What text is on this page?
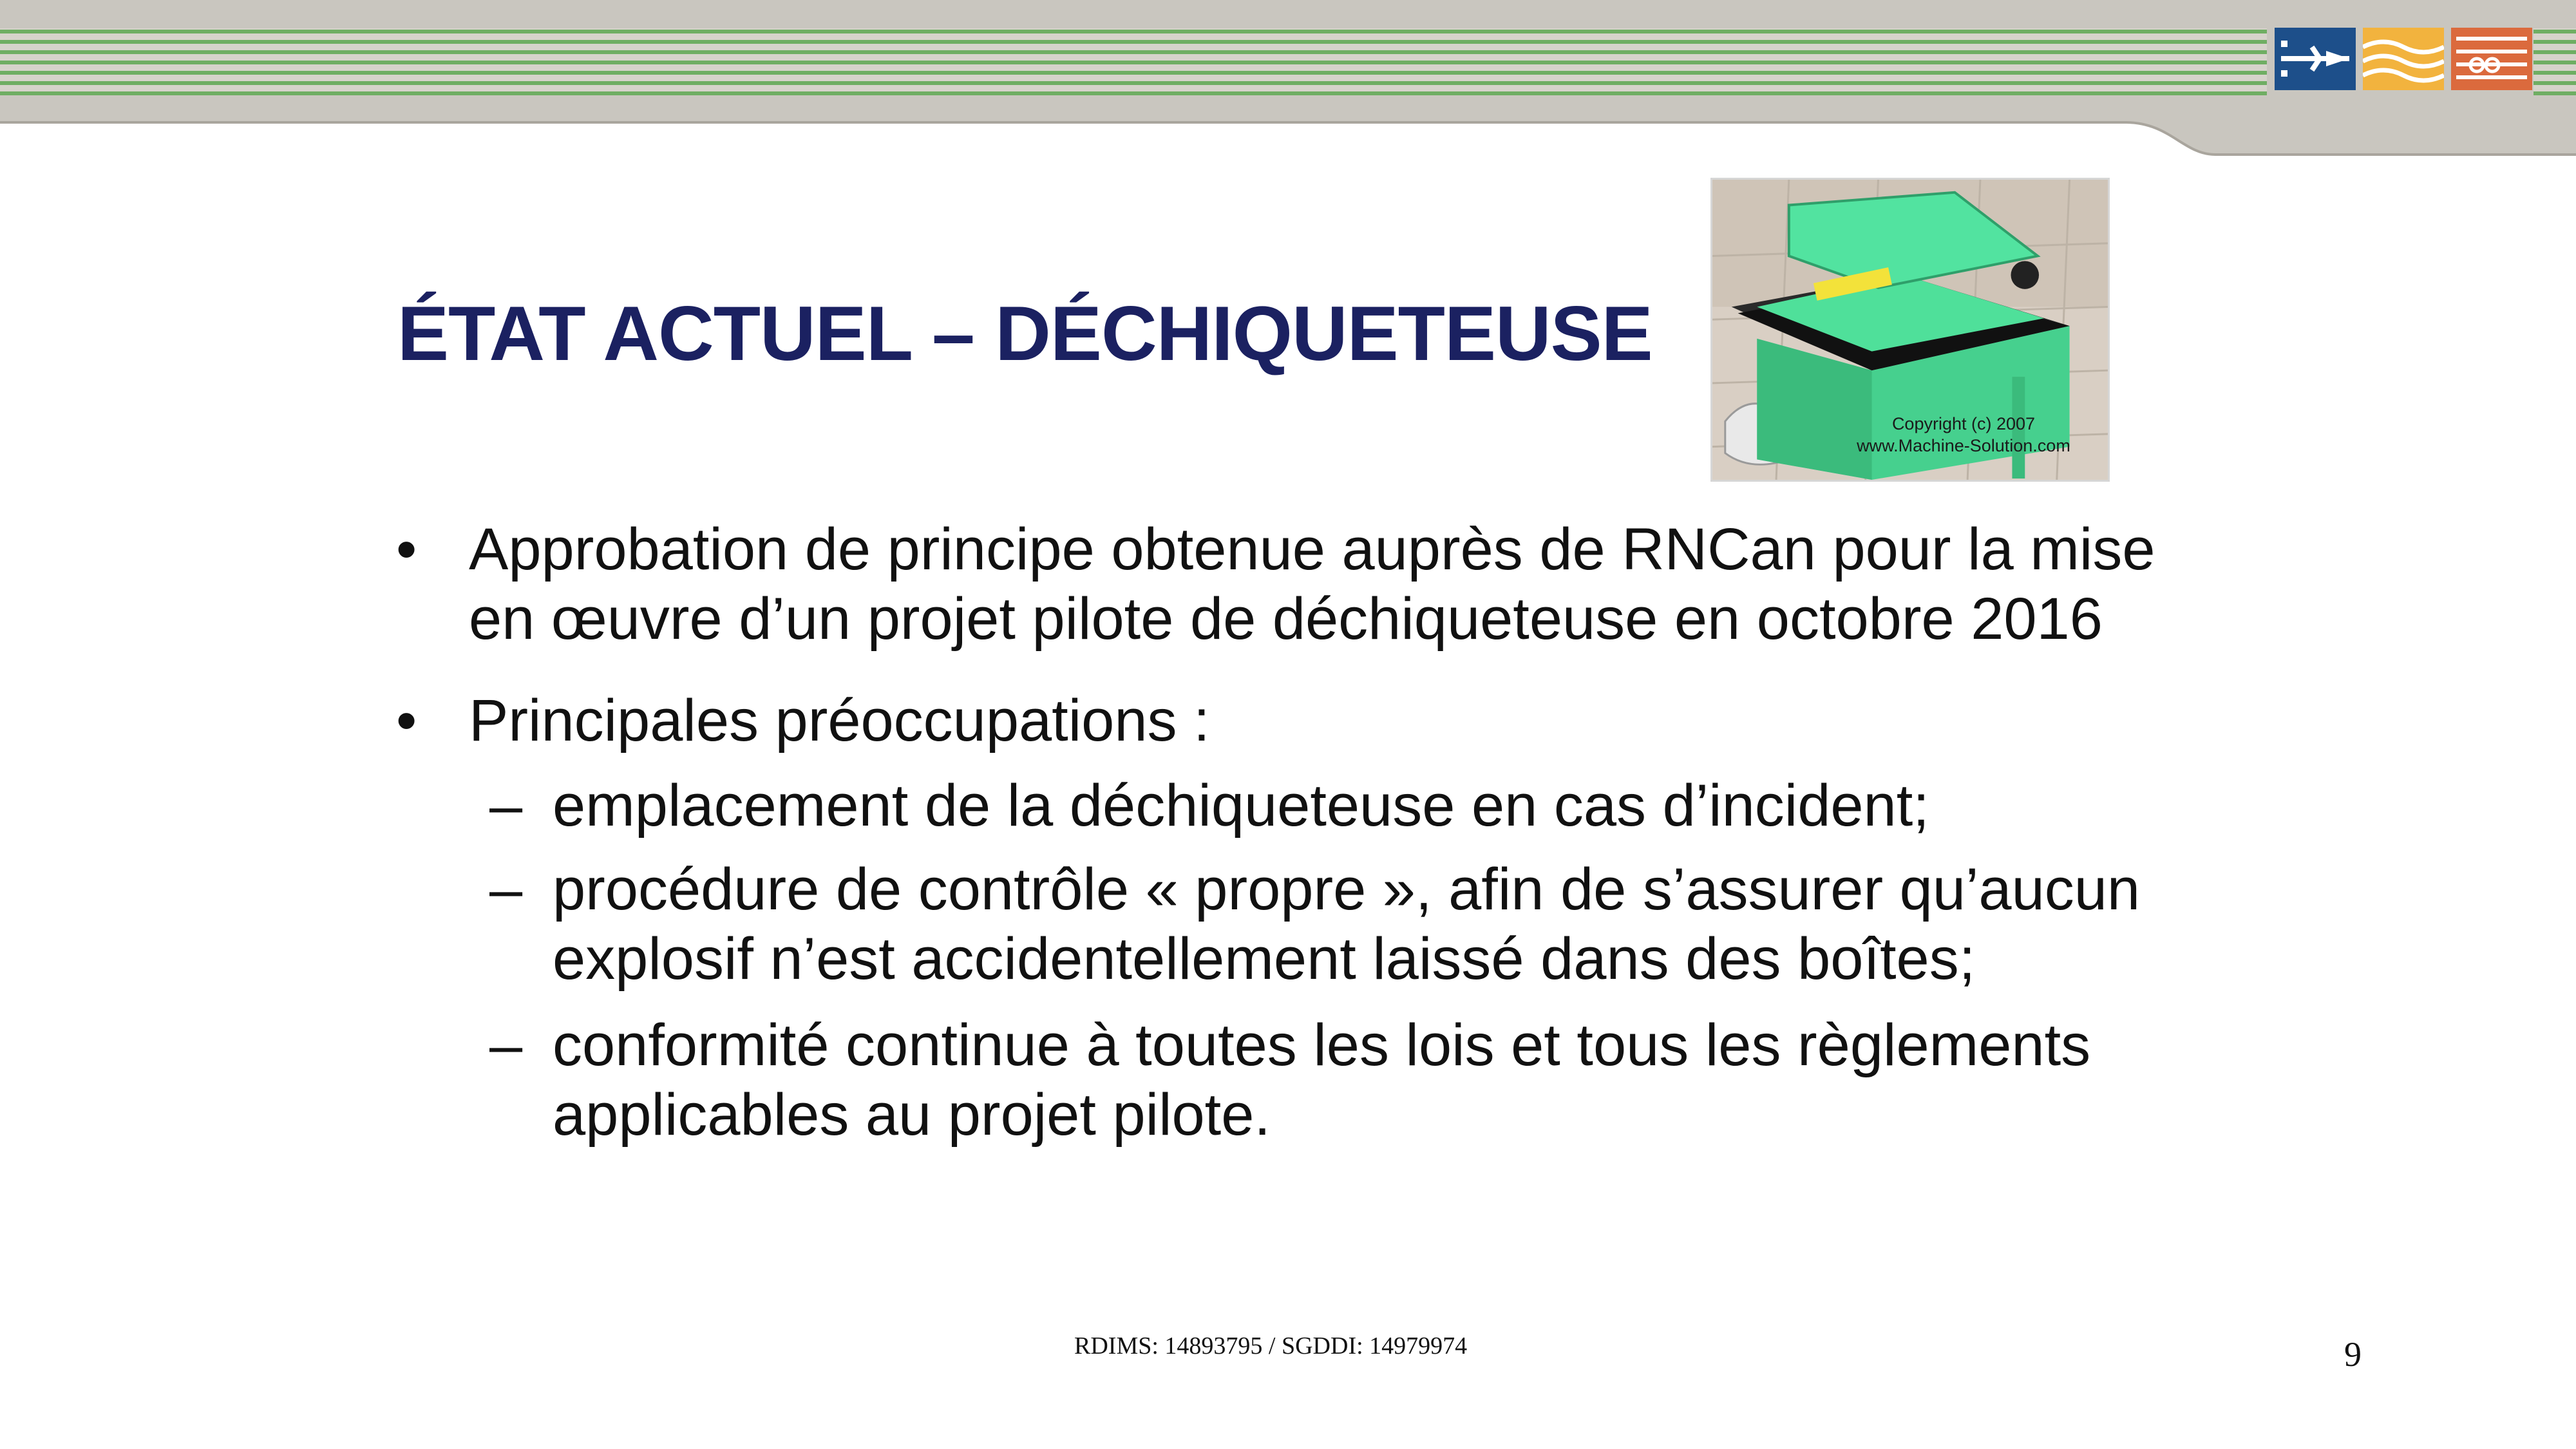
ÉTAT ACTUEL – DÉCHIQUETEUSE
Copyright (c) 2007
www.Machine-Solution.com
• Approbation de principe obtenue auprès de RNCan pour la mise
en œuvre d’un projet pilote de déchiqueteuse en octobre 2016
• Principales préoccupations :
– emplacement de la déchiqueteuse en cas d’incident;
– procédure de contrôle « propre », afin de s’assurer qu’aucun
explosif n’est accidentellement laissé dans des boîtes;
– conformité continue à toutes les lois et tous les règlements
applicables au projet pilote.
RDIMS: 14893795 / SGDDI: 14979974	9
